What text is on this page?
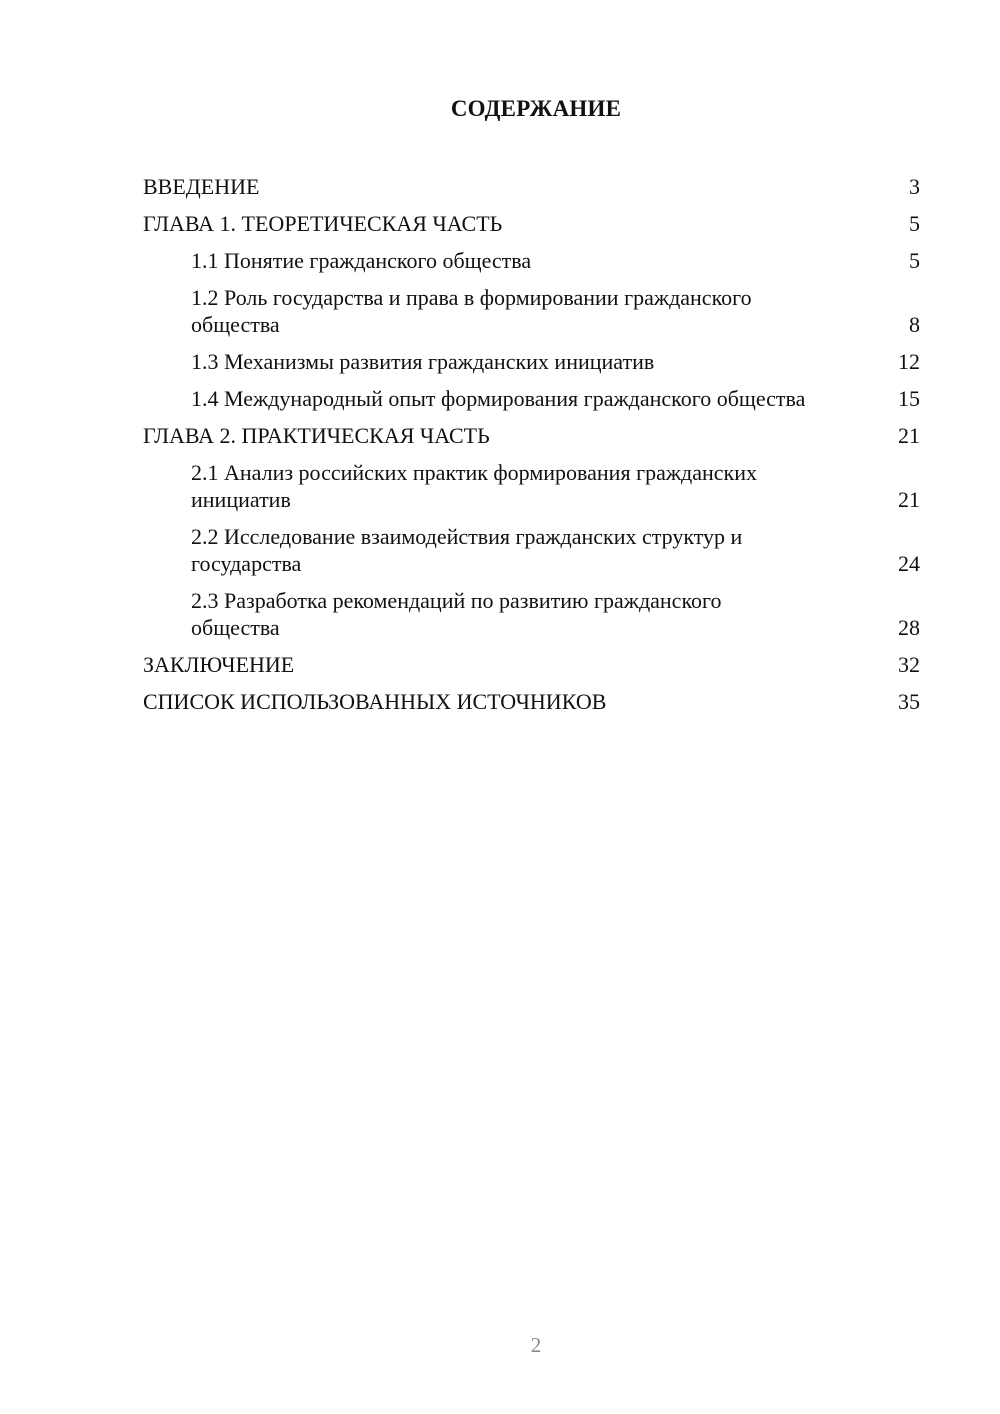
СОДЕРЖАНИЕ
ВВЕДЕНИЕ	3
ГЛАВА 1. ТЕОРЕТИЧЕСКАЯ ЧАСТЬ	5
1.1 Понятие гражданского общества	5
1.2 Роль государства и права в формировании гражданского общества	8
1.3 Механизмы развития гражданских инициатив	12
1.4 Международный опыт формирования гражданского общества	15
ГЛАВА 2. ПРАКТИЧЕСКАЯ ЧАСТЬ	21
2.1 Анализ российских практик формирования гражданских инициатив	21
2.2 Исследование взаимодействия гражданских структур и государства	24
2.3 Разработка рекомендаций по развитию гражданского общества	28
ЗАКЛЮЧЕНИЕ	32
СПИСОК ИСПОЛЬЗОВАННЫХ ИСТОЧНИКОВ	35
2
